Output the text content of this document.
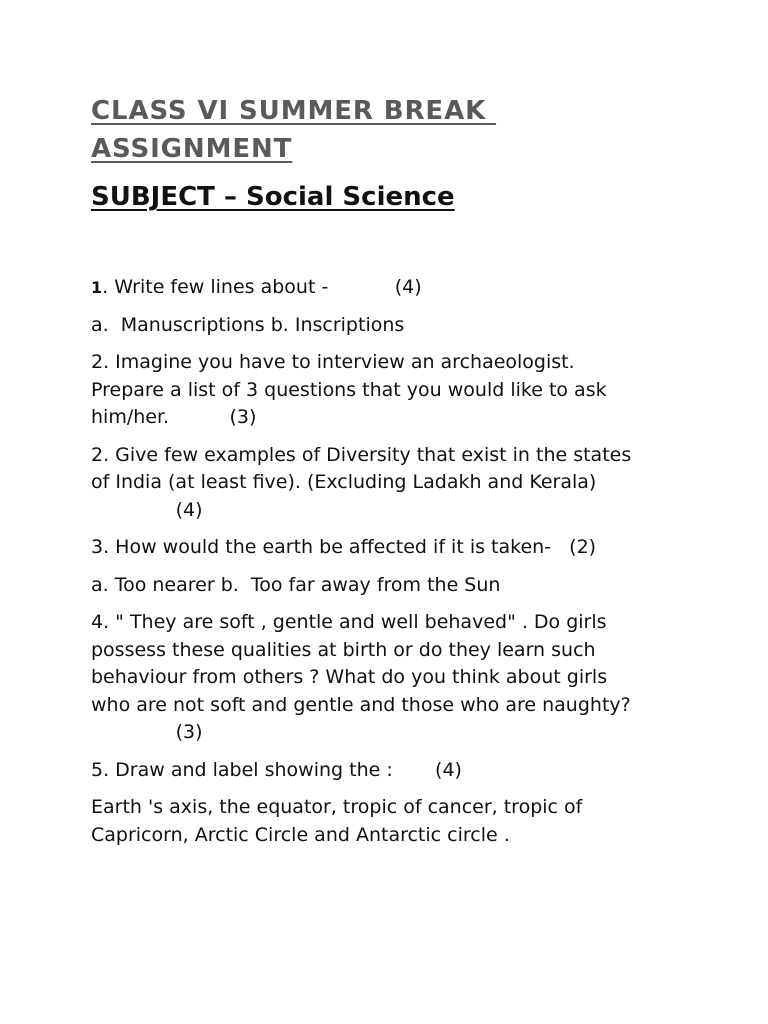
CLASS VI SUMMER BREAK ASSIGNMENT
SUBJECT – Social Science

1. Write few lines about -           (4)

a.  Manuscriptions b. Inscriptions

2. Imagine you have to interview an archaeologist.
Prepare a list of 3 questions that you would like to ask
him/her.          (3)

2. Give few examples of Diversity that exist in the states
of India (at least five). (Excluding Ladakh and Kerala)
(4)

3. How would the earth be affected if it is taken-   (2)

a. Too nearer b.  Too far away from the Sun

4. " They are soft , gentle and well behaved" . Do girls
possess these qualities at birth or do they learn such
behaviour from others ? What do you think about girls
who are not soft and gentle and those who are naughty?
(3)

5. Draw and label showing the :       (4)

Earth 's axis, the equator, tropic of cancer, tropic of
Capricorn, Arctic Circle and Antarctic circle .
